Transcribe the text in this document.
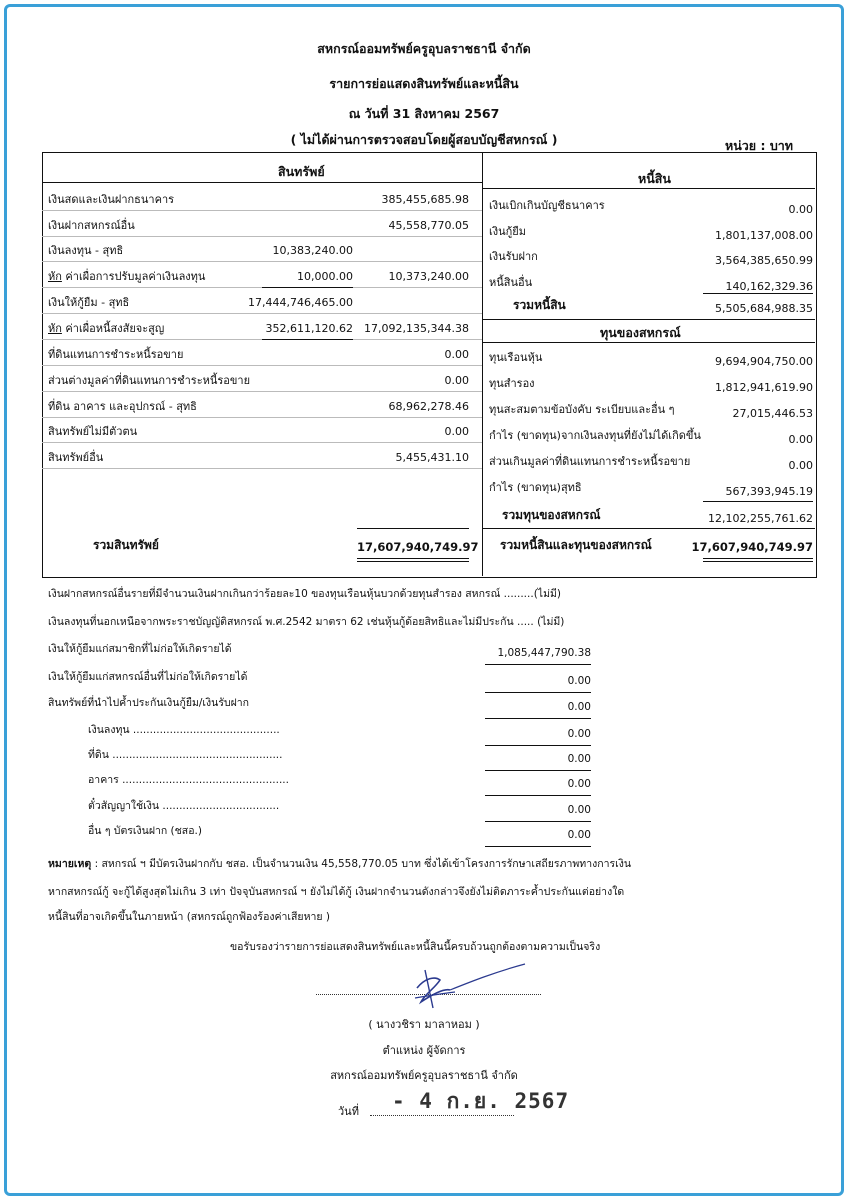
สหกรณ์ออมทรัพย์ครูอุบลราชธานี จำกัด
รายการย่อแสดงสินทรัพย์และหนี้สิน
ณ วันที่ 31 สิงหาคม 2567
( ไม่ได้ผ่านการตรวจสอบโดยผู้สอบบัญชีสหกรณ์ )	หน่วย : บาท
สินทรัพย์
เงินสดและเงินฝากธนาคาร	385,455,685.98
เงินฝากสหกรณ์อื่น	45,558,770.05
เงินลงทุน - สุทธิ	10,383,240.00
หัก ค่าเผื่อการปรับมูลค่าเงินลงทุน	10,000.00	10,373,240.00
เงินให้กู้ยืม - สุทธิ	17,444,746,465.00
หัก ค่าเผื่อหนี้สงสัยจะสูญ	352,611,120.62	17,092,135,344.38
ที่ดินแทนการชำระหนี้รอขาย	0.00
ส่วนต่างมูลค่าที่ดินแทนการชำระหนี้รอขาย	0.00
ที่ดิน อาคาร และอุปกรณ์ - สุทธิ	68,962,278.46
สินทรัพย์ไม่มีตัวตน	0.00
สินทรัพย์อื่น	5,455,431.10
รวมสินทรัพย์	17,607,940,749.97
หนี้สิน
เงินเบิกเกินบัญชีธนาคาร	0.00
เงินกู้ยืม	1,801,137,008.00
เงินรับฝาก	3,564,385,650.99
หนี้สินอื่น	140,162,329.36
รวมหนี้สิน	5,505,684,988.35
ทุนของสหกรณ์
ทุนเรือนหุ้น	9,694,904,750.00
ทุนสำรอง	1,812,941,619.90
ทุนสะสมตามข้อบังคับ ระเบียบและอื่น ๆ	27,015,446.53
กำไร (ขาดทุน)จากเงินลงทุนที่ยังไม่ได้เกิดขึ้น	0.00
ส่วนเกินมูลค่าที่ดินแทนการชำระหนี้รอขาย	0.00
กำไร (ขาดทุน)สุทธิ	567,393,945.19
รวมทุนของสหกรณ์	12,102,255,761.62
รวมหนี้สินและทุนของสหกรณ์	17,607,940,749.97
เงินฝากสหกรณ์อื่นรายที่มีจำนวนเงินฝากเกินกว่าร้อยละ10 ของทุนเรือนหุ้นบวกด้วยทุนสำรอง สหกรณ์ .........(ไม่มี)
เงินลงทุนที่นอกเหนือจากพระราชบัญญัติสหกรณ์ พ.ศ.2542 มาตรา 62 เช่นหุ้นกู้ด้อยสิทธิและไม่มีประกัน ..... (ไม่มี)
เงินให้กู้ยืมแก่สมาชิกที่ไม่ก่อให้เกิดรายได้	1,085,447,790.38
เงินให้กู้ยืมแก่สหกรณ์อื่นที่ไม่ก่อให้เกิดรายได้	0.00
สินทรัพย์ที่นำไปค้ำประกันเงินกู้ยืม/เงินรับฝาก	0.00
เงินลงทุน ............................................	0.00
ที่ดิน ...................................................	0.00
อาคาร ..................................................	0.00
ตั๋วสัญญาใช้เงิน ...................................	0.00
อื่น ๆ บัตรเงินฝาก (ชสอ.)	0.00
หมายเหตุ : สหกรณ์ ฯ มีบัตรเงินฝากกับ ชสอ. เป็นจำนวนเงิน 45,558,770.05 บาท ซึ่งได้เข้าโครงการรักษาเสถียรภาพทางการเงิน
หากสหกรณ์กู้ จะกู้ได้สูงสุดไม่เกิน 3 เท่า ปัจจุบันสหกรณ์ ฯ ยังไม่ได้กู้ เงินฝากจำนวนดังกล่าวจึงยังไม่ติดภาระค้ำประกันแต่อย่างใด
หนี้สินที่อาจเกิดขึ้นในภายหน้า (สหกรณ์ถูกฟ้องร้องค่าเสียหาย )
ขอรับรองว่ารายการย่อแสดงสินทรัพย์และหนี้สินนี้ครบถ้วนถูกต้องตามความเป็นจริง
( นางวชิรา มาลาหอม )
ตำแหน่ง ผู้จัดการ
สหกรณ์ออมทรัพย์ครูอุบลราชธานี จำกัด
วันที่ - 4 ก.ย. 2567
